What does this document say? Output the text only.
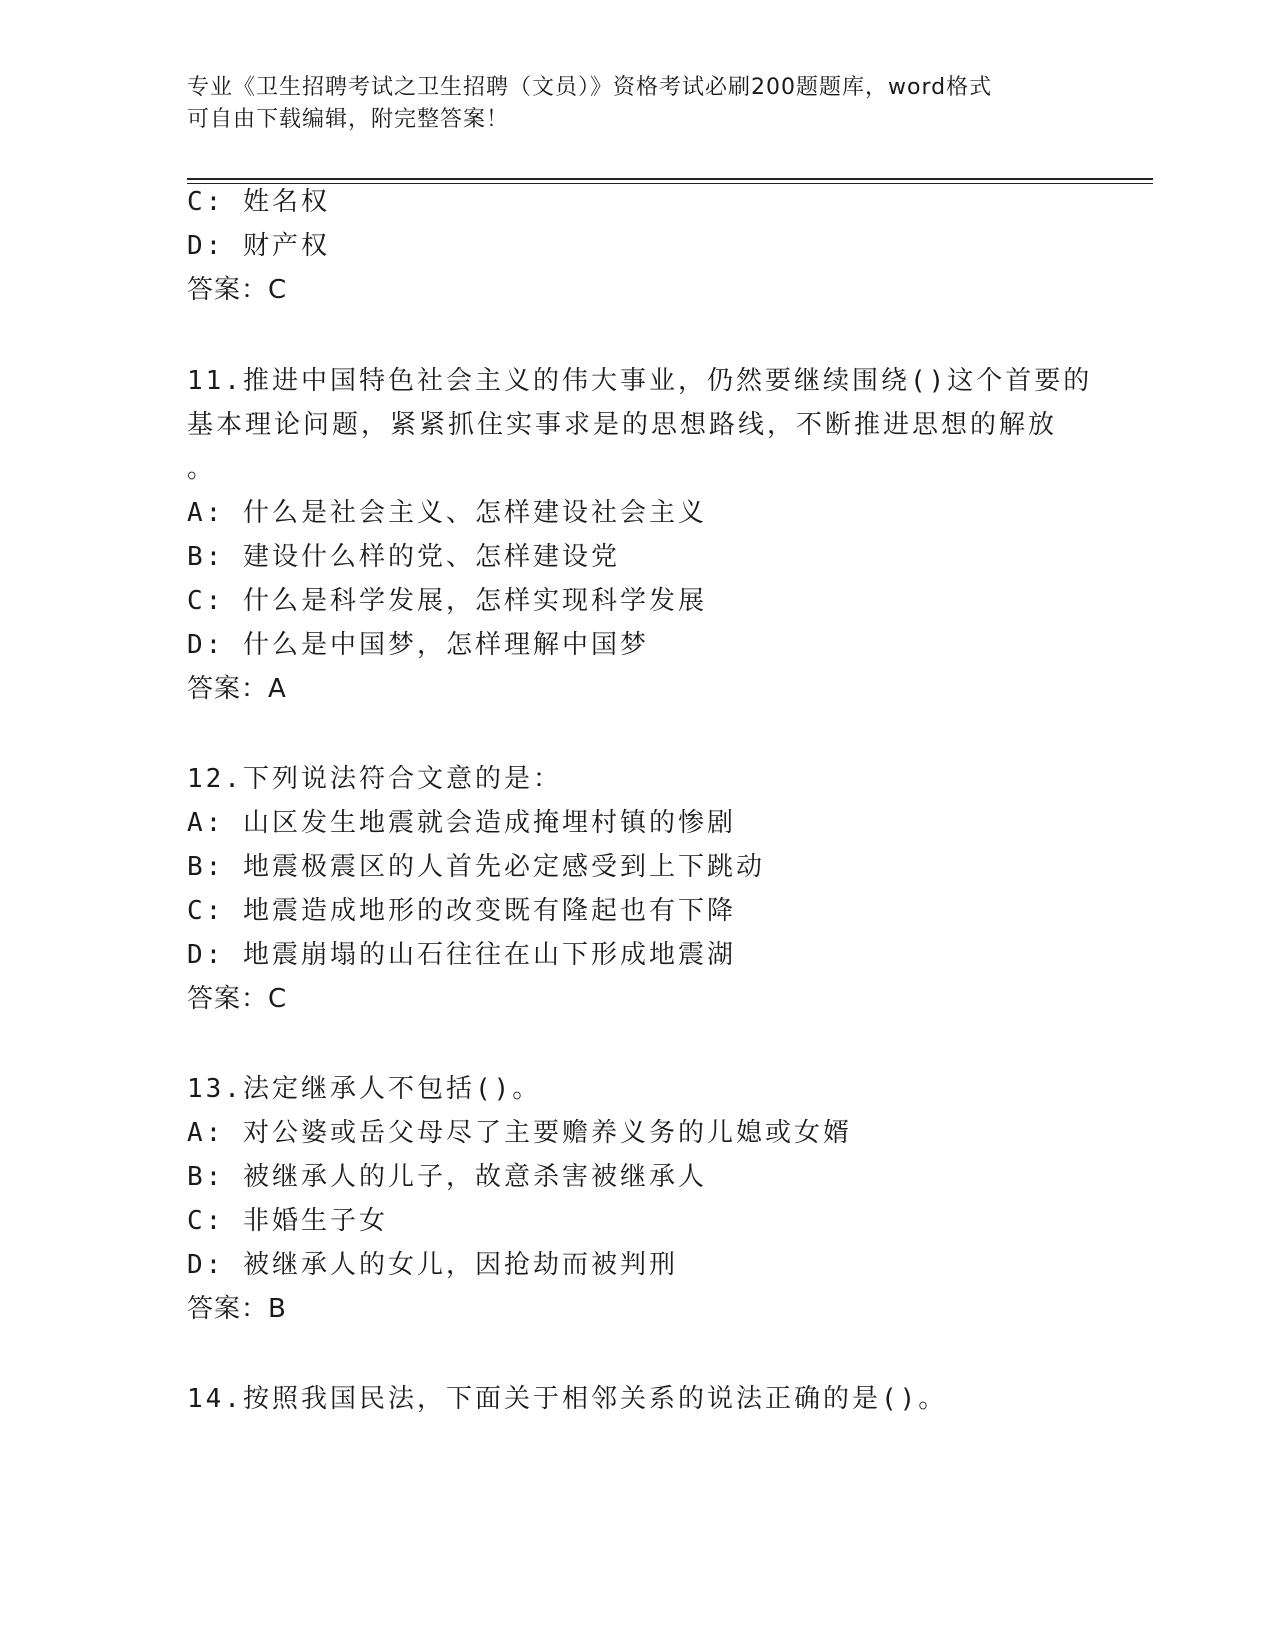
专业《卫生招聘考试之卫生招聘（文员）》资格考试必刷200题题库，word格式
可自由下载编辑，附完整答案！
C: 姓名权
D: 财产权
答案：C
11.推进中国特色社会主义的伟大事业，仍然要继续围绕()这个首要的
基本理论问题，紧紧抓住实事求是的思想路线，不断推进思想的解放
。
A: 什么是社会主义、怎样建设社会主义
B: 建设什么样的党、怎样建设党
C: 什么是科学发展，怎样实现科学发展
D: 什么是中国梦，怎样理解中国梦
答案：A
12.下列说法符合文意的是：
A: 山区发生地震就会造成掩埋村镇的惨剧
B: 地震极震区的人首先必定感受到上下跳动
C: 地震造成地形的改变既有隆起也有下降
D: 地震崩塌的山石往往在山下形成地震湖
答案：C
13.法定继承人不包括()。
A: 对公婆或岳父母尽了主要赡养义务的儿媳或女婿
B: 被继承人的儿子，故意杀害被继承人
C: 非婚生子女
D: 被继承人的女儿，因抢劫而被判刑
答案：B
14.按照我国民法，下面关于相邻关系的说法正确的是()。
